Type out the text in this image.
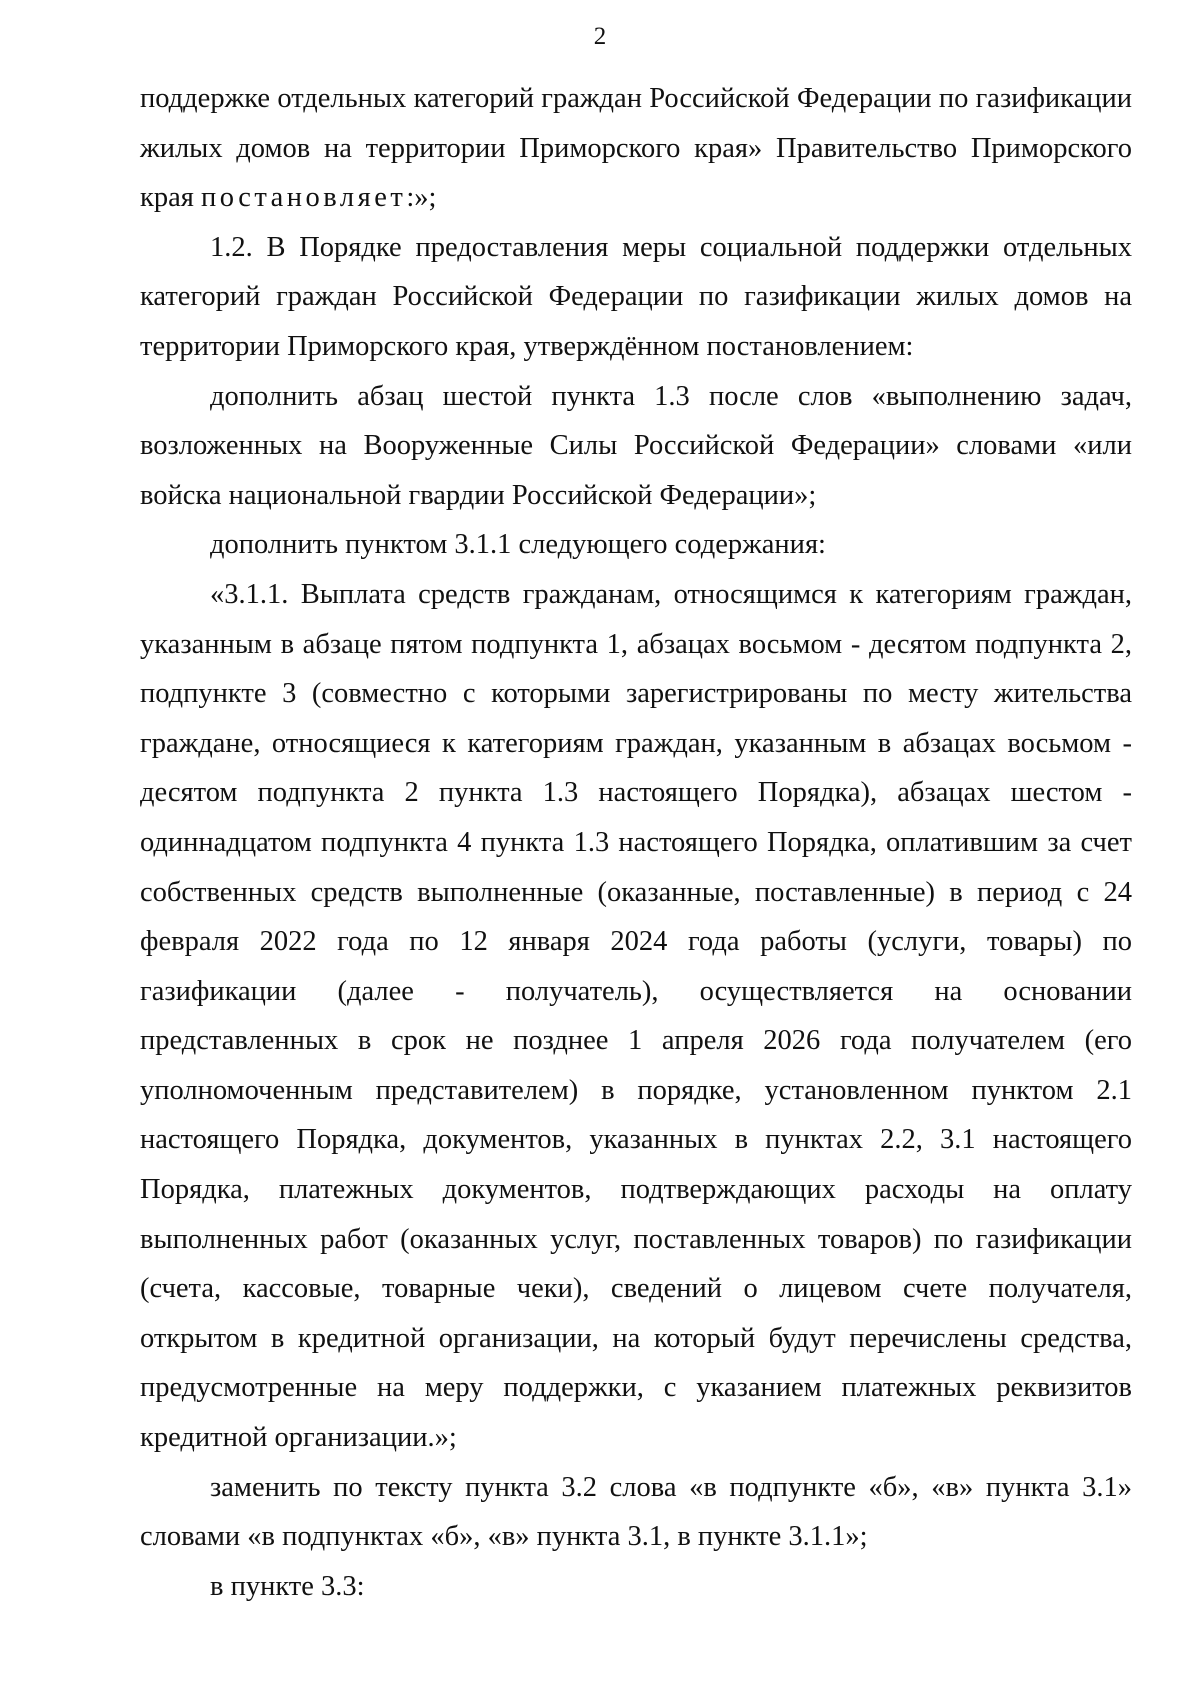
2

поддержке отдельных категорий граждан Российской Федерации по газификации жилых домов на территории Приморского края» Правительство Приморского края постановляет:»;

1.2. В Порядке предоставления меры социальной поддержки отдельных категорий граждан Российской Федерации по газификации жилых домов на территории Приморского края, утверждённом постановлением:

дополнить абзац шестой пункта 1.3 после слов «выполнению задач, возложенных на Вооруженные Силы Российской Федерации» словами «или войска национальной гвардии Российской Федерации»;

дополнить пунктом 3.1.1 следующего содержания:

«3.1.1. Выплата средств гражданам, относящимся к категориям граждан, указанным в абзаце пятом подпункта 1, абзацах восьмом - десятом подпункта 2, подпункте 3 (совместно с которыми зарегистрированы по месту жительства граждане, относящиеся к категориям граждан, указанным в абзацах восьмом - десятом подпункта 2 пункта 1.3 настоящего Порядка), абзацах шестом - одиннадцатом подпункта 4 пункта 1.3 настоящего Порядка, оплатившим за счет собственных средств выполненные (оказанные, поставленные) в период с 24 февраля 2022 года по 12 января 2024 года работы (услуги, товары) по газификации (далее - получатель), осуществляется на основании представленных в срок не позднее 1 апреля 2026 года получателем (его уполномоченным представителем) в порядке, установленном пунктом 2.1 настоящего Порядка, документов, указанных в пунктах 2.2, 3.1 настоящего Порядка, платежных документов, подтверждающих расходы на оплату выполненных работ (оказанных услуг, поставленных товаров) по газификации (счета, кассовые, товарные чеки), сведений о лицевом счете получателя, открытом в кредитной организации, на который будут перечислены средства, предусмотренные на меру поддержки, с указанием платежных реквизитов кредитной организации.»;

заменить по тексту пункта 3.2 слова «в подпункте «б», «в» пункта 3.1» словами «в подпунктах «б», «в» пункта 3.1, в пункте 3.1.1»;

в пункте 3.3:
